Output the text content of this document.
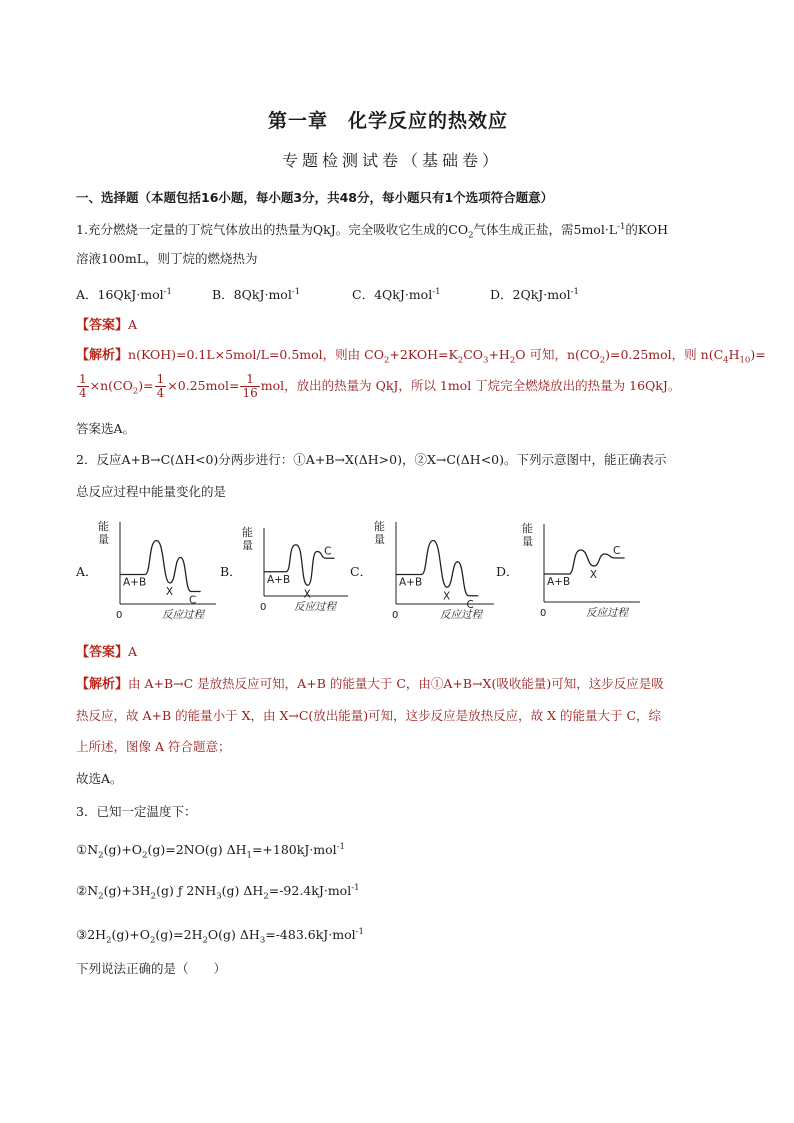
第一章　化学反应的热效应
专题检测试卷（基础卷）
一、选择题（本题包括16小题，每小题3分，共48分，每小题只有1个选项符合题意）
1.充分燃烧一定量的丁烷气体放出的热量为QkJ。完全吸收它生成的$CO_2$气体生成正盐，需$5mol\cdot L^{-1}$的KOH
溶液100mL，则丁烷的燃烧热为
A．16QkJ·mol$^{-1}$	B．8QkJ·mol$^{-1}$	C．4QkJ·mol$^{-1}$	D．2QkJ·mol$^{-1}$
【答案】A
【解析】n(KOH)=0.1L×5mol/L=0.5mol，则由 $CO_2+2KOH=K_2CO_3+H_2O$ 可知，$n(CO_2)=0.25mol$，则 $n(C_4H_{10})=$
$\frac{1}{4} \times n(CO_2)= \frac{1}{4} \times 0.25mol= \frac{1}{16}$ mol，放出的热量为 QkJ，所以 1mol 丁烷完全燃烧放出的热量为 16QkJ。
答案选A。
2．反应A+B→C(ΔH<0)分两步进行：①A+B→X(ΔH>0)，②X→C(ΔH<0)。下列示意图中，能正确表示
总反应过程中能量变化的是
A．	B．	C．	D．
能
量
0	反应过程
A+B
X
C
能
量
0	反应过程
A+B
X
C
能
量
0	反应过程
A+B
X
C
能
量
0	反应过程
A+B
X
C
【答案】A
【解析】由 A+B→C 是放热反应可知，A+B 的能量大于 C，由①A+B→X(吸收能量)可知，这步反应是吸
热反应，故 A+B 的能量小于 X，由 X→C(放出能量)可知，这步反应是放热反应，故 X 的能量大于 C，综
上所述，图像 A 符合题意；
故选A。
3．已知一定温度下：
$①N_2(g)+O_2(g)=2NO(g)$ $\Delta H_1=+180kJ\cdot mol^{-1}$
$②N_2(g)+3H_2(g)$ ƒ $2NH_3(g)$ $\Delta H_2=-92.4kJ\cdot mol^{-1}$
$③2H_2(g)+O_2(g)=2H_2O(g)$ $\Delta H_3=-483.6kJ\cdot mol^{-1}$
下列说法正确的是（　　）
